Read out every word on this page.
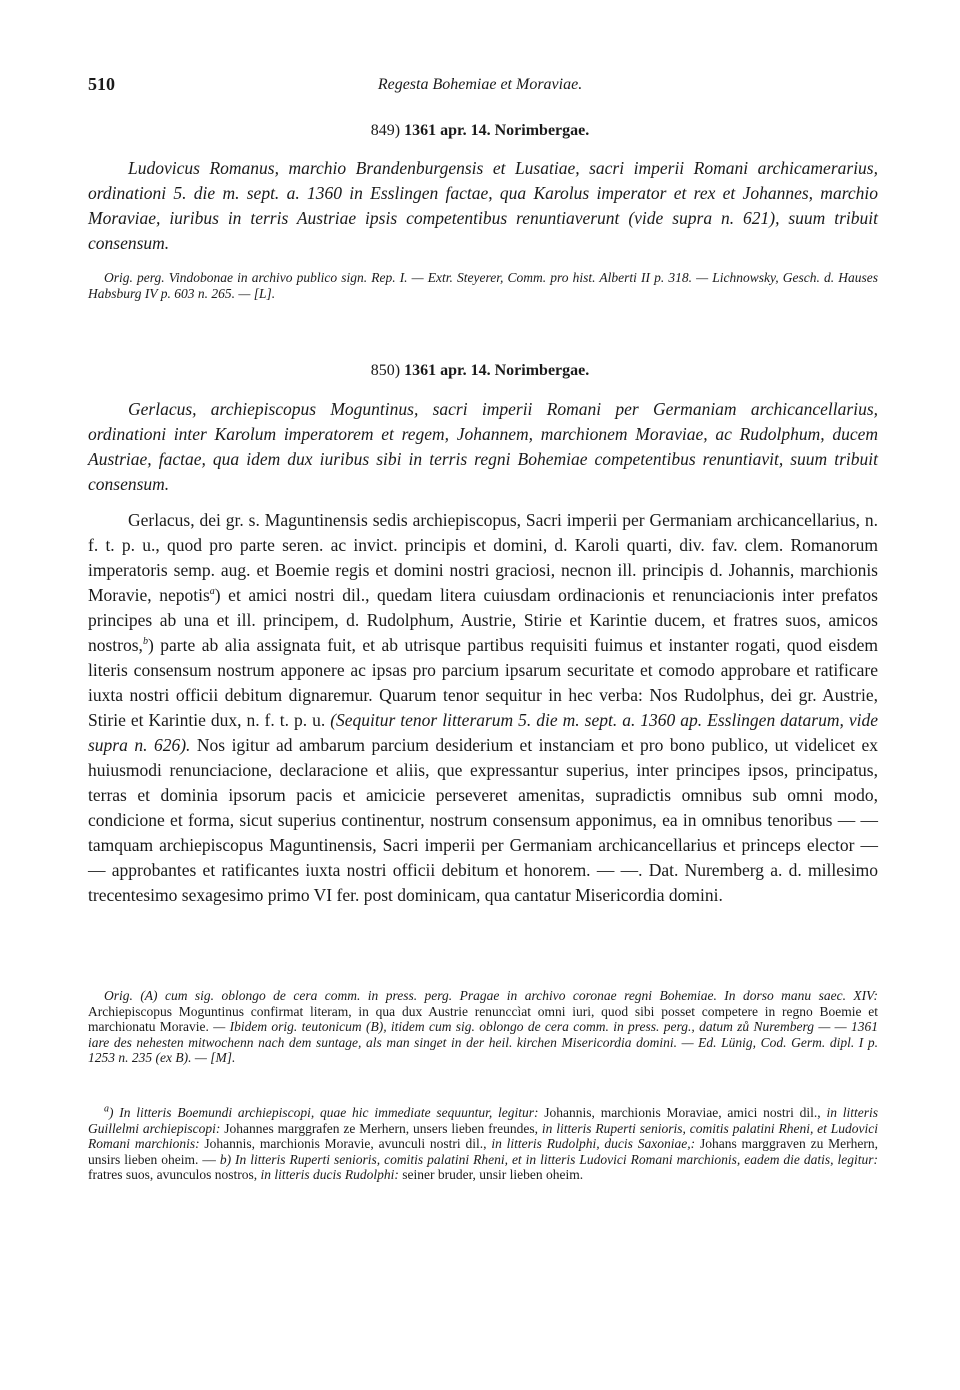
510	Regesta Bohemiae et Moraviae.
849) 1361 apr. 14. Norimbergae.

Ludovicus Romanus, marchio Brandenburgensis et Lusatiae, sacri imperii Romani archicamerarius, ordinationi 5. die m. sept. a. 1360 in Esslingen factae, qua Karolus imperator et rex et Johannes, marchio Moraviae, iuribus in terris Austriae ipsis competentibus renuntiaverunt (vide supra n. 621), suum tribuit consensum.

Orig. perg. Vindobonae in archivo publico sign. Rep. I. — Extr. Steyerer, Comm. pro hist. Alberti II p. 318. — Lichnowsky, Gesch. d. Hauses Habsburg IV p. 603 n. 265. — [L].

850) 1361 apr. 14. Norimbergae.

Gerlacus, archiepiscopus Moguntinus, sacri imperii Romani per Germaniam archicancellarius, ordinationi inter Karolum imperatorem et regem, Johannem, marchionem Moraviae, ac Rudolphum, ducem Austriae, factae, qua idem dux iuribus sibi in terris regni Bohemiae competentibus renuntiavit, suum tribuit consensum.

Gerlacus, dei gr. s. Maguntinensis sedis archiepiscopus, Sacri imperii per Germaniam archicancellarius, n. f. t. p. u., quod pro parte seren. ac invict. principis et domini, d. Karoli quarti, div. fav. clem. Romanorum imperatoris semp. aug. et Boemie regis et domini nostri graciosi, necnon ill. principis d. Johannis, marchionis Moravie, nepotis$^a$) et amici nostri dil., quedam litera cuiusdam ordinacionis et renunciacionis inter prefatos principes ab una et ill. principem, d. Rudolphum, Austrie, Stirie et Karintie ducem, et fratres suos, amicos nostros,$^b$) parte ab alia assignata fuit, et ab utrisque partibus requisiti fuimus et instanter rogati, quod eisdem literis consensum nostrum apponere ac ipsas pro parcium ipsarum securitate et comodo approbare et ratificare iuxta nostri officii debitum dignaremur. Quarum tenor sequitur in hec verba: Nos Rudolphus, dei gr. Austrie, Stirie et Karintie dux, n. f. t. p. u. (Sequitur tenor litterarum 5. die m. sept. a. 1360 ap. Esslingen datarum, vide supra n. 626). Nos igitur ad ambarum parcium desiderium et instanciam et pro bono publico, ut videlicet ex huiusmodi renunciacione, declaracione et aliis, que expressantur superius, inter principes ipsos, principatus, terras et dominia ipsorum pacis et amicicie perseveret amenitas, supradictis omnibus sub omni modo, condicione et forma, sicut superius continentur, nostrum consensum apponimus, ea in omnibus tenoribus — — tamquam archiepiscopus Maguntinensis, Sacri imperii per Germaniam archicancellarius et princeps elector — — approbantes et ratificantes iuxta nostri officii debitum et honorem. — —. Dat. Nuremberg a. d. millesimo trecentesimo sexagesimo primo VI fer. post dominicam, qua cantatur Misericordia domini.

Orig. (A) cum sig. oblongo de cera comm. in press. perg. Pragae in archivo coronae regni Bohemiae. In dorso manu saec. XIV: Archiepiscopus Moguntinus confirmat literam, in qua dux Austrie renunccìat omni iuri, quod sibi posset competere in regno Boemie et marchionatu Moravie. — Ibidem orig. teutonicum (B), itidem cum sig. oblongo de cera comm. in press. perg., datum zů Nuremberg — — 1361 iare des nehesten mitwochenn nach dem suntage, als man singet in der heil. kirchen Misericordia domini. — Ed. Lünig, Cod. Germ. dipl. I p. 1253 n. 235 (ex B). — [M].

$^a$) In litteris Boemundi archiepiscopi, quae hic immediate sequuntur, legitur: Johannis, marchionis Moraviae, amici nostri dil., in litteris Guillelmi archiepiscopi: Johannes marggrafen ze Merhern, unsers lieben freundes, in litteris Ruperti senioris, comitis palatini Rheni, et Ludovici Romani marchionis: Johannis, marchionis Moravie, avunculi nostri dil., in litteris Rudolphi, ducis Saxoniae,: Johans marggraven zu Merhern, unsirs lieben oheim. — b) In litteris Ruperti senioris, comitis palatini Rheni, et in litteris Ludovici Romani marchionis, eadem die datis, legitur: fratres suos, avunculos nostros, in litteris ducis Rudolphi: seiner bruder, unsir lieben oheim.
